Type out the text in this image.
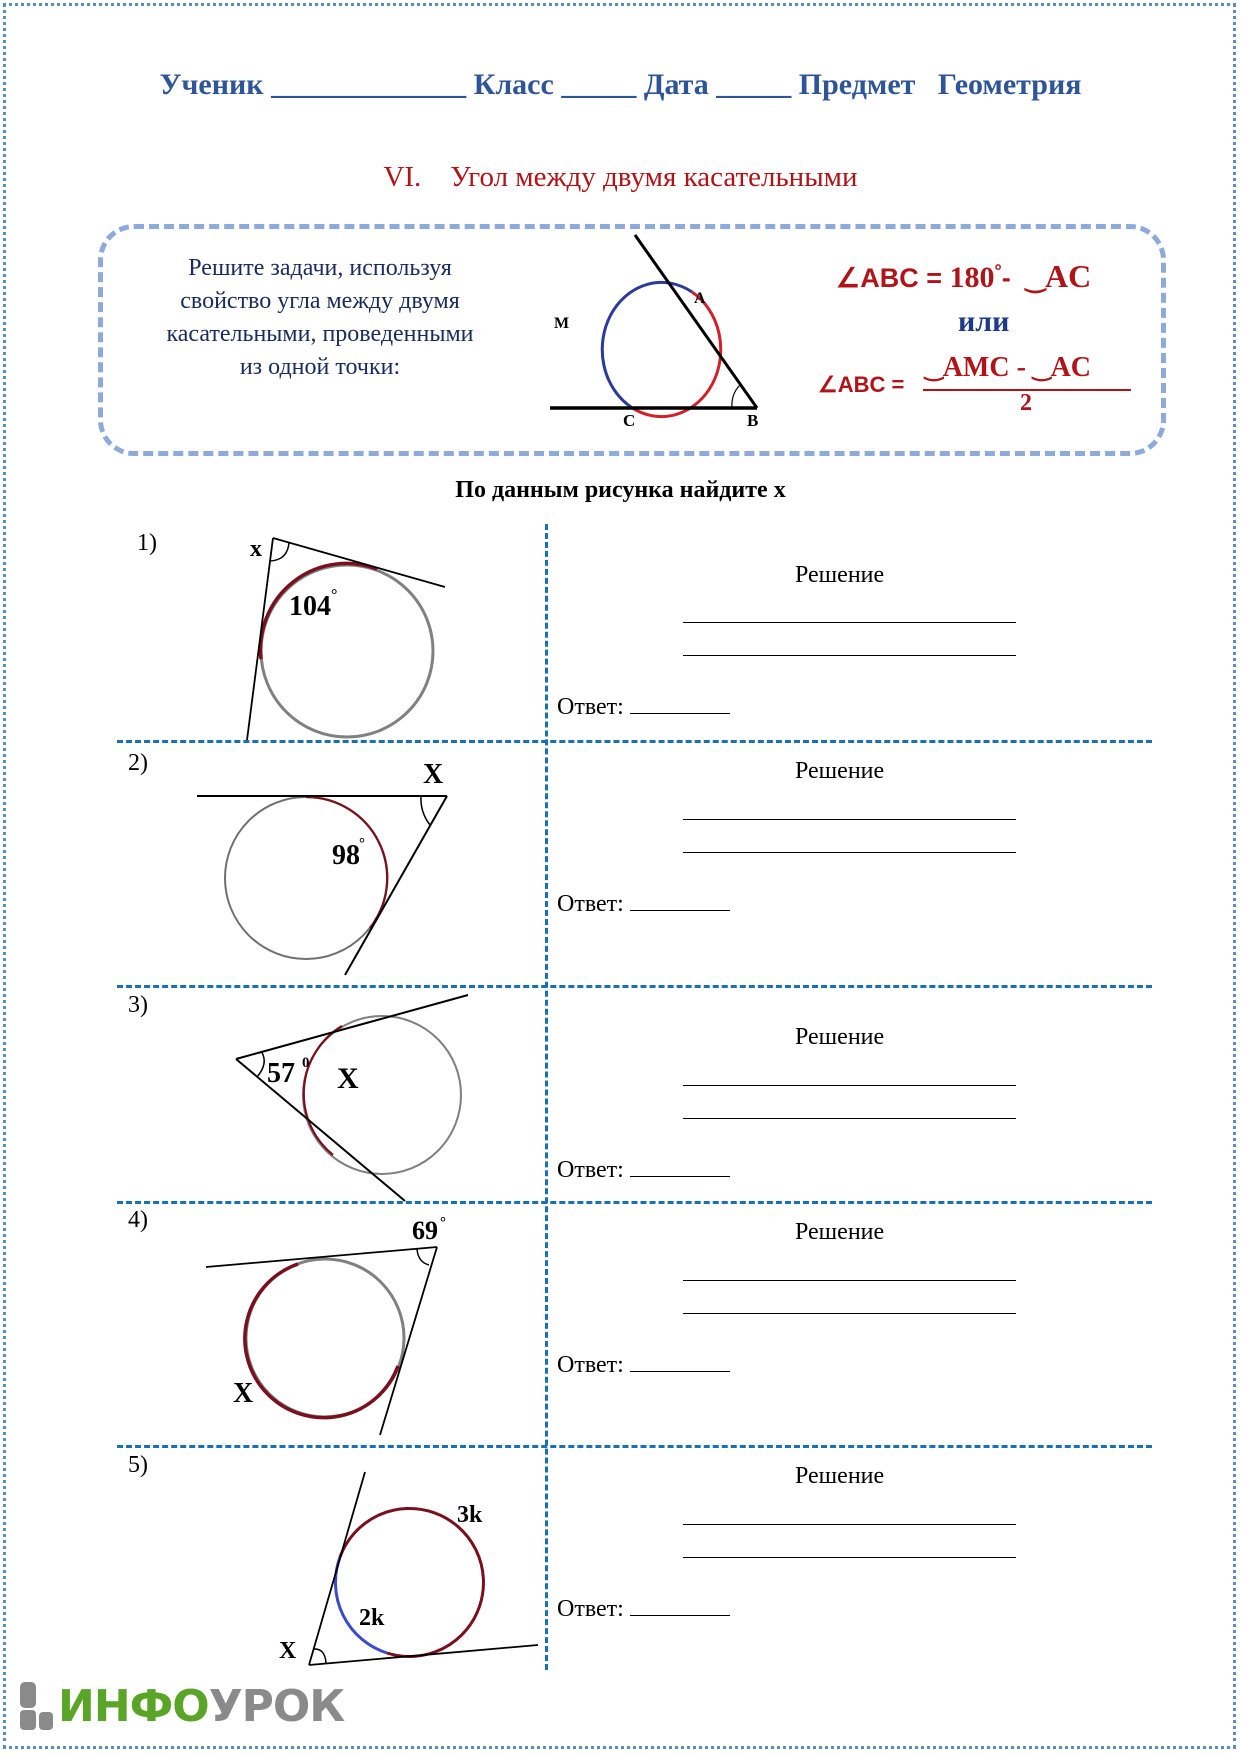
Ученик _____________ Класс _____ Дата _____ Предмет Геометрия
VI. Угол между двумя касательными
Решите задачи, используя
свойство угла между двумя
касательными, проведенными
из одной точки:
A
B
C
M
∠ABC = 180°- ‿AC
или
∠ABC =
‿AMC - ‿AC
2
По данным рисунка найдите x
1)	x
104 °
Решение
Ответ:
2)	X
98 °
Решение
Ответ:
3)
57 0 X
Решение
Ответ:
4)	69 °
X
Решение
Ответ:
5)
3k
2k
X
Решение
Ответ:
ИНФО УРОК
